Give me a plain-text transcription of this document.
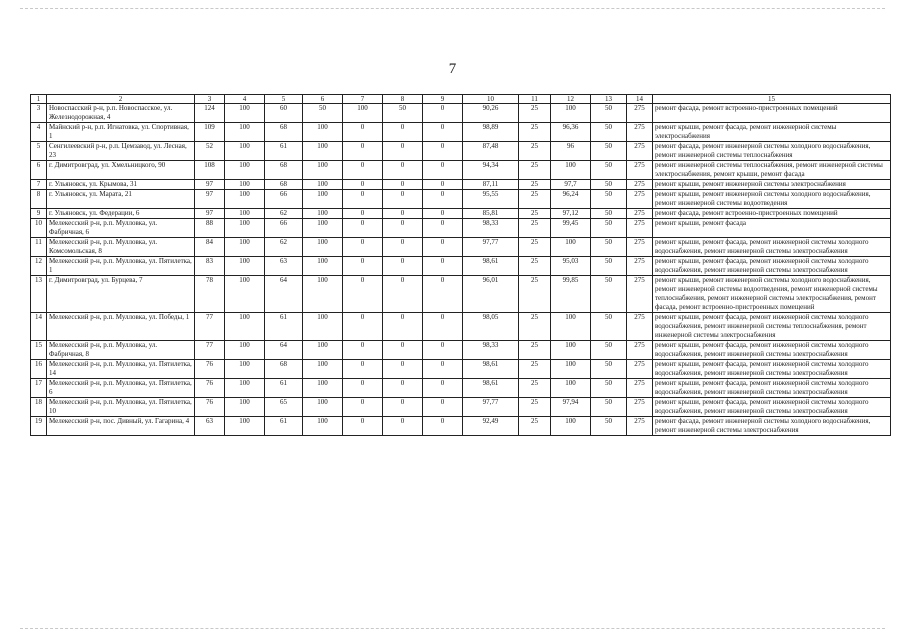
7
1	2	3	4	5	6	7	8	9	10	11	12	13	14	15
3	Новоспасский р-н, р.п. Новоспасское, ул. Железнодорожная, 4	124	100	60	50	100	50	0	90,26	25	100	50	275	ремонт фасада, ремонт встроенно-пристроенных помещений
4	Майнский р-н, р.п. Игнатовка, ул. Спортивная, 1	109	100	68	100	0	0	0	98,89	25	96,36	50	275	ремонт крыши, ремонт фасада, ремонт инженерной системы электроснабжения
5	Сенгилеевский р-н, р.п. Цемзавод, ул. Лесная, 23	52	100	61	100	0	0	0	87,48	25	96	50	275	ремонт фасада, ремонт инженерной системы холодного водоснабжения, ремонт инженерной системы теплоснабжения
6	г. Димитровград, ул. Хмельницкого, 90	108	100	68	100	0	0	0	94,34	25	100	50	275	ремонт инженерной системы теплоснабжения, ремонт инженерной системы электроснабжения, ремонт крыши, ремонт фасада
7	г. Ульяновск, ул. Крымова, 31	97	100	68	100	0	0	0	87,11	25	97,7	50	275	ремонт крыши, ремонт инженерной системы электроснабжения
8	г. Ульяновск, ул. Марата, 21	97	100	66	100	0	0	0	95,55	25	96,24	50	275	ремонт крыши, ремонт инженерной системы холодного водоснабжения, ремонт инженерной системы водоотведения
9	г. Ульяновск, ул. Федерации, 6	97	100	62	100	0	0	0	85,81	25	97,12	50	275	ремонт фасада, ремонт встроенно-пристроенных помещений
10	Мелекесский р-н, р.п. Мулловка, ул. Фабричная, 6	88	100	66	100	0	0	0	98,33	25	99,45	50	275	ремонт крыши, ремонт фасада
11	Мелекесский р-н, р.п. Мулловка, ул. Комсомольская, 8	84	100	62	100	0	0	0	97,77	25	100	50	275	ремонт крыши, ремонт фасада, ремонт инженерной системы холодного водоснабжения, ремонт инженерной системы электроснабжения
12	Мелекесский р-н, р.п. Мулловка, ул. Пятилетка, 1	83	100	63	100	0	0	0	98,61	25	95,03	50	275	ремонт крыши, ремонт фасада, ремонт инженерной системы холодного водоснабжения, ремонт инженерной системы электроснабжения
13	г. Димитровград, ул. Бурцева, 7	78	100	64	100	0	0	0	96,01	25	99,85	50	275	ремонт крыши, ремонт инженерной системы холодного водоснабжения, ремонт инженерной системы водоотведения, ремонт инженерной системы теплоснабжения, ремонт инженерной системы электроснабжения, ремонт фасада, ремонт встроенно-пристроенных помещений
14	Мелекесский р-н, р.п. Мулловка, ул. Победы, 1	77	100	61	100	0	0	0	98,05	25	100	50	275	ремонт крыши, ремонт фасада, ремонт инженерной системы холодного водоснабжения, ремонт инженерной системы теплоснабжения, ремонт инженерной системы электроснабжения
15	Мелекесский р-н, р.п. Мулловка, ул. Фабричная, 8	77	100	64	100	0	0	0	98,33	25	100	50	275	ремонт крыши, ремонт фасада, ремонт инженерной системы холодного водоснабжения, ремонт инженерной системы электроснабжения
16	Мелекесский р-н, р.п. Мулловка, ул. Пятилетка, 14	76	100	68	100	0	0	0	98,61	25	100	50	275	ремонт крыши, ремонт фасада, ремонт инженерной системы холодного водоснабжения, ремонт инженерной системы электроснабжения
17	Мелекесский р-н, р.п. Мулловка, ул. Пятилетка, 6	76	100	61	100	0	0	0	98,61	25	100	50	275	ремонт крыши, ремонт фасада, ремонт инженерной системы холодного водоснабжения, ремонт инженерной системы электроснабжения
18	Мелекесский р-н, р.п. Мулловка, ул. Пятилетка, 10	76	100	65	100	0	0	0	97,77	25	97,94	50	275	ремонт крыши, ремонт фасада, ремонт инженерной системы холодного водоснабжения, ремонт инженерной системы электроснабжения
19	Мелекесский р-н, пос. Дивный, ул. Гагарина, 4	63	100	61	100	0	0	0	92,49	25	100	50	275	ремонт фасада, ремонт инженерной системы холодного водоснабжения, ремонт инженерной системы электроснабжения
